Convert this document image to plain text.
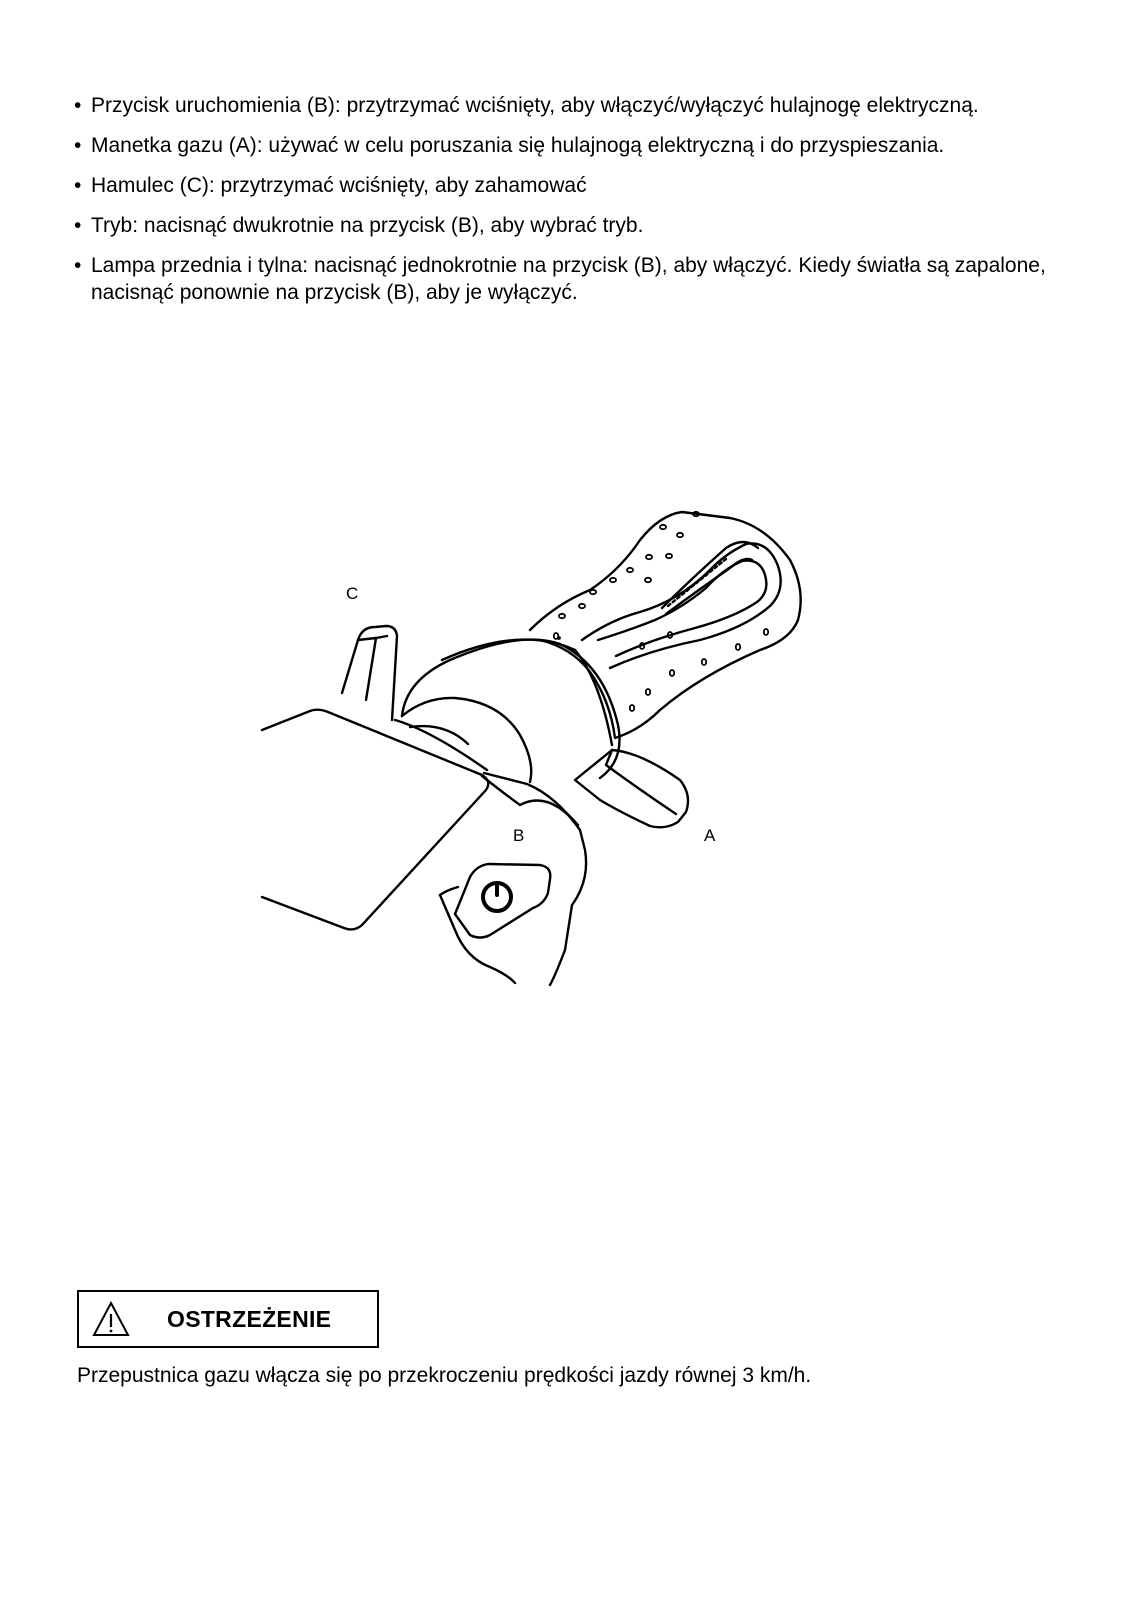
• Przycisk uruchomienia (B): przytrzymać wciśnięty, aby włączyć/wyłączyć hulajnogę elektryczną.
• Manetka gazu (A): używać w celu poruszania się hulajnogą elektryczną i do przyspieszania.
• Hamulec (C): przytrzymać wciśnięty, aby zahamować
• Tryb: nacisnąć dwukrotnie na przycisk (B), aby wybrać tryb.
• Lampa przednia i tylna: nacisnąć jednokrotnie na przycisk (B), aby włączyć. Kiedy światła są zapalone, nacisnąć ponownie na przycisk (B), aby je wyłączyć.
C
B	A
OSTRZEŻENIE
Przepustnica gazu włącza się po przekroczeniu prędkości jazdy równej 3 km/h.
